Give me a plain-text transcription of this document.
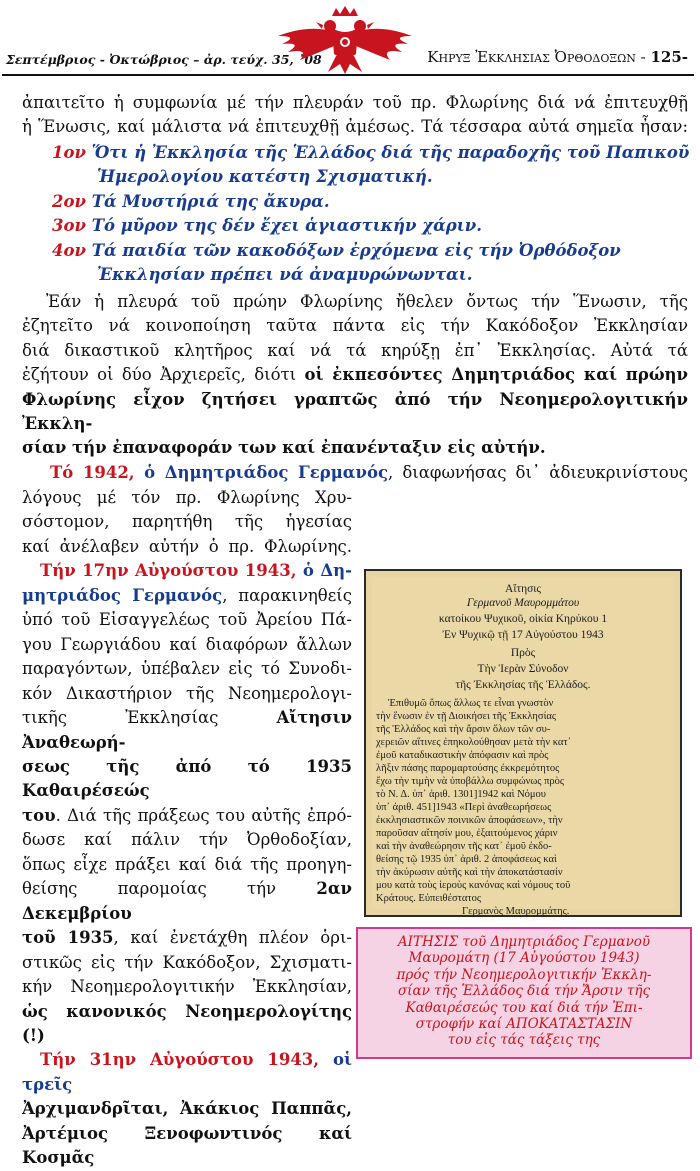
Σεπτέμβριος - Ὀκτώβριος – ἀρ. τεύχ. 35, ᾽08	Κηρυξ Ἐκκλησιας Ὀρθοδοξων - 125-
ἀπαιτεῖτο ἡ συμφωνία μέ τήν πλευράν τοῦ πρ. Φλωρίνης διά νά ἐπιτευχθῇ
ἡ Ἕνωσις, καί μάλιστα νά ἐπιτευχθῇ ἀμέσως. Τά τέσσαρα αὐτά σημεῖα ἦσαν:
1ον Ὅτι ἡ Ἐκκλησία τῆς Ἑλλάδος διά τῆς παραδοχῆς τοῦ Παπικοῦ
Ἡμερολογίου κατέστη Σχισματική.
2ον Τά Μυστήριά της ἄκυρα.
3ον Τό μῦρον της δέν ἔχει ἁγιαστικήν χάριν.
4ον Τά παιδία τῶν κακοδόξων ἐρχόμενα εἰς τήν Ὀρθόδοξον
Ἐκκλησίαν πρέπει νά ἀναμυρώνωνται.
Ἐάν ἡ πλευρά τοῦ πρώην Φλωρίνης ἤθελεν ὄντως τήν Ἕνωσιν, τῆς
ἐζητεῖτο νά κοινοποίηση ταῦτα πάντα εἰς τήν Κακόδοξον Ἐκκλησίαν
διά δικαστικοῦ κλητῆρος καί νά τά κηρύξῃ ἐπ᾽ Ἐκκλησίας. Αὐτά τά
ἐζήτουν οἱ δύο Ἀρχιερεῖς, διότι οἱ ἐκπεσόντες Δημητριάδος καί πρώην
Φλωρίνης εἶχον ζητήσει γραπτῶς ἀπό τήν Νεοημερολογιτικήν Ἐκκλη-
σίαν τήν ἐπαναφοράν των καί ἐπανένταξιν εἰς αὐτήν.
Τό 1942, ὁ Δημητριάδος Γερμανός, διαφωνήσας δι᾽ ἀδιευκρινίστους
λόγους μέ τόν πρ. Φλωρίνης Χρυ-
σόστομον, παρητήθη τῆς ἡγεσίας
καί ἀνέλαβεν αὐτήν ὁ πρ. Φλωρίνης.
Τήν 17ην Αὐγούστου 1943, ὁ Δη-
μητριάδος Γερμανός, παρακινηθείς
ὑπό τοῦ Εἰσαγγελέως τοῦ Ἀρείου Πά-
γου Γεωργιάδου καί διαφόρων ἄλλων
παραγόντων, ὑπέβαλεν εἰς τό Συνοδι-
κόν Δικαστήριον τῆς Νεοημερολογι-
τικῆς Ἐκκλησίας Αἴτησιν Ἀναθεωρή-
σεως τῆς ἀπό τό 1935 Καθαιρέσεώς
του. Διά τῆς πράξεως του αὐτῆς ἐπρό-
δωσε καί πάλιν τήν Ὀρθοδοξίαν,
ὅπως εἶχε πράξει καί διά τῆς προηγη-
θείσης παρομοίας τήν 2αν Δεκεμβρίου
τοῦ 1935, καί ἐνετάχθη πλέον ὁρι-
στικῶς εἰς τήν Κακόδοξον, Σχισματι-
κήν Νεοημερολογιτικήν Ἐκκλησίαν,
ὡς κανονικός Νεοημερολογίτης (!)
Τήν 31ην Αὐγούστου 1943, οἱ τρεῖς
Ἀρχιμανδρῖται, Ἀκάκιος Παππᾶς,
Ἀρτέμιος Ξενοφωντινός καί Κοσμᾶς
Αἴτησις
Γερμανοῦ Μαυρομμάτου
κατοίκου Ψυχικοῦ, οἰκία Κηρύκου 1
Ἐν Ψυχικῷ τῇ 17 Αὐγούστου 1943
Πρὸς
Τὴν Ἱερὰν Σύνοδον
τῆς Ἐκκλησίας τῆς Ἑλλάδος.
Ἐπιθυμῶ ὅπως ἄλλως τε εἶναι γνωστὸν
τὴν ἕνωσιν ἐν τῇ Διοικήσει τῆς Ἐκκλησίας
τῆς Ἑλλάδος καὶ τὴν ἄρσιν ὅλων τῶν συ-
χερειῶν αἵτινες ἐπηκολούθησαν μετὰ τὴν κατ᾽
ἐμοῦ καταδικαστικὴν ἀπόφασιν καὶ πρὸς
λῆξιν πάσης παρομαρτούσης ἐκκρεμότητος
ἔχω τὴν τιμὴν νὰ ὑποβάλλω συμφώνως πρὸς
τὸ Ν. Δ. ὑπ᾽ ἀριθ. 1301]1942 καὶ Νόμου
ὑπ᾽ ἀριθ. 451]1943 «Περὶ ἀναθεωρήσεως
ἐκκλησιαστικῶν ποινικῶν ἀποφάσεων», τὴν
παροῦσαν αἴτησίν μου, ἐξαιτούμενος χάριν
καὶ τὴν ἀναθεώρησιν τῆς κατ᾽ ἐμοῦ ἐκδο-
θείσης τῷ 1935 ὑπ᾽ ἀριθ. 2 ἀποφάσεως καὶ
τὴν ἀκύρωσιν αὐτῆς καὶ τὴν ἀποκατάστασίν
μου κατὰ τοὺς ἱεροὺς κανόνας καὶ νόμους τοῦ
Κράτους. Εὐπειθέστατος
Γερμανὸς Μαυρομμάτης.
ΑΙΤΗΣΙΣ τοῦ Δημητριάδος Γερμανοῦ
Μαυρομάτη (17 Αὐγούστου 1943)
πρός τήν Νεοημερολογιτικήν Ἐκκλη-
σίαν τῆς Ἑλλάδος διά τήν Ἄρσιν τῆς
Καθαιρέσεώς του καί διά τήν Ἐπι-
στροφήν καί ΑΠΟΚΑΤΑΣΤΑΣΙΝ
του εἰς τάς τάξεις της
